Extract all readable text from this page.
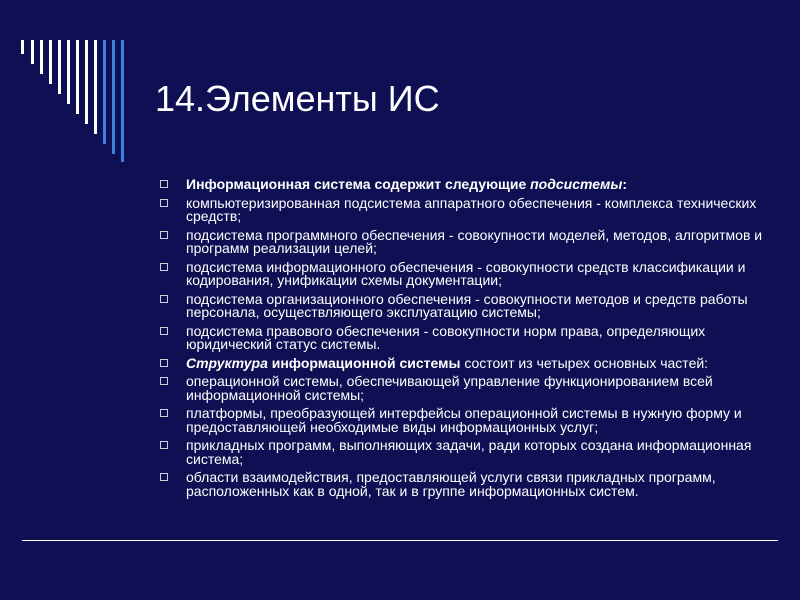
14.Элементы ИС
Информационная система содержит следующие подсистемы:
компьютеризированная подсистема аппаратного обеспечения - комплекса технических средств;
подсистема программного обеспечения - совокупности моделей, методов, алгоритмов и программ реализации целей;
подсистема информационного обеспечения - совокупности средств классификации и кодирования, унификации схемы документации;
подсистема организационного обеспечения - совокупности методов и средств работы персонала, осуществляющего эксплуатацию системы;
подсистема правового обеспечения - совокупности норм права, определяющих юридический статус системы.
Структура информационной системы состоит из четырех основных частей:
операционной системы, обеспечивающей управление функционированием всей информационной системы;
платформы, преобразующей интерфейсы операционной системы в нужную форму и предоставляющей необходимые виды информационных услуг;
прикладных программ, выполняющих задачи, ради которых создана информационная система;
области взаимодействия, предоставляющей услуги связи прикладных программ, расположенных как в одной, так и в группе информационных систем.
